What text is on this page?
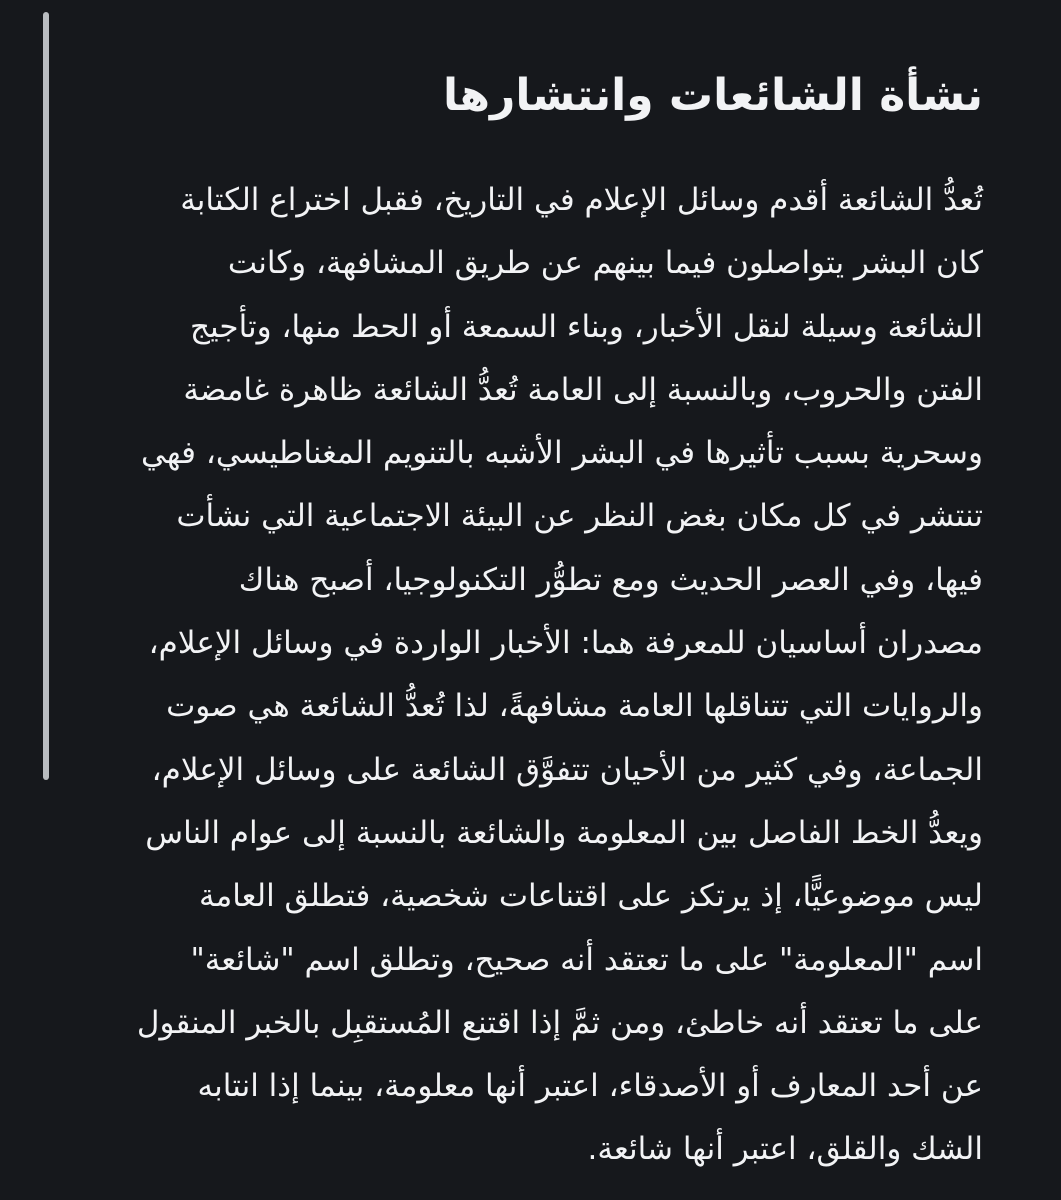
نشأة الشائعات وانتشارها

تُعدُّ الشائعة أقدم وسائل الإعلام في التاريخ، فقبل اختراع الكتابة
كان البشر يتواصلون فيما بينهم عن طريق المشافهة، وكانت
الشائعة وسيلة لنقل الأخبار، وبناء السمعة أو الحط منها، وتأجيج
الفتن والحروب، وبالنسبة إلى العامة تُعدُّ الشائعة ظاهرة غامضة
وسحرية بسبب تأثيرها في البشر الأشبه بالتنويم المغناطيسي، فهي
تنتشر في كل مكان بغض النظر عن البيئة الاجتماعية التي نشأت
فيها، وفي العصر الحديث ومع تطوُّر التكنولوجيا، أصبح هناك
مصدران أساسيان للمعرفة هما: الأخبار الواردة في وسائل الإعلام،
والروايات التي تتناقلها العامة مشافهةً، لذا تُعدُّ الشائعة هي صوت
الجماعة، وفي كثير من الأحيان تتفوَّق الشائعة على وسائل الإعلام،
ويعدُّ الخط الفاصل بين المعلومة والشائعة بالنسبة إلى عوام الناس
ليس موضوعيًّا، إذ يرتكز على اقتناعات شخصية، فتطلق العامة
اسم "المعلومة" على ما تعتقد أنه صحيح، وتطلق اسم "شائعة"
على ما تعتقد أنه خاطئ، ومن ثمَّ إذا اقتنع المُستقبِل بالخبر المنقول
عن أحد المعارف أو الأصدقاء، اعتبر أنها معلومة، بينما إذا انتابه
الشك والقلق، اعتبر أنها شائعة.
